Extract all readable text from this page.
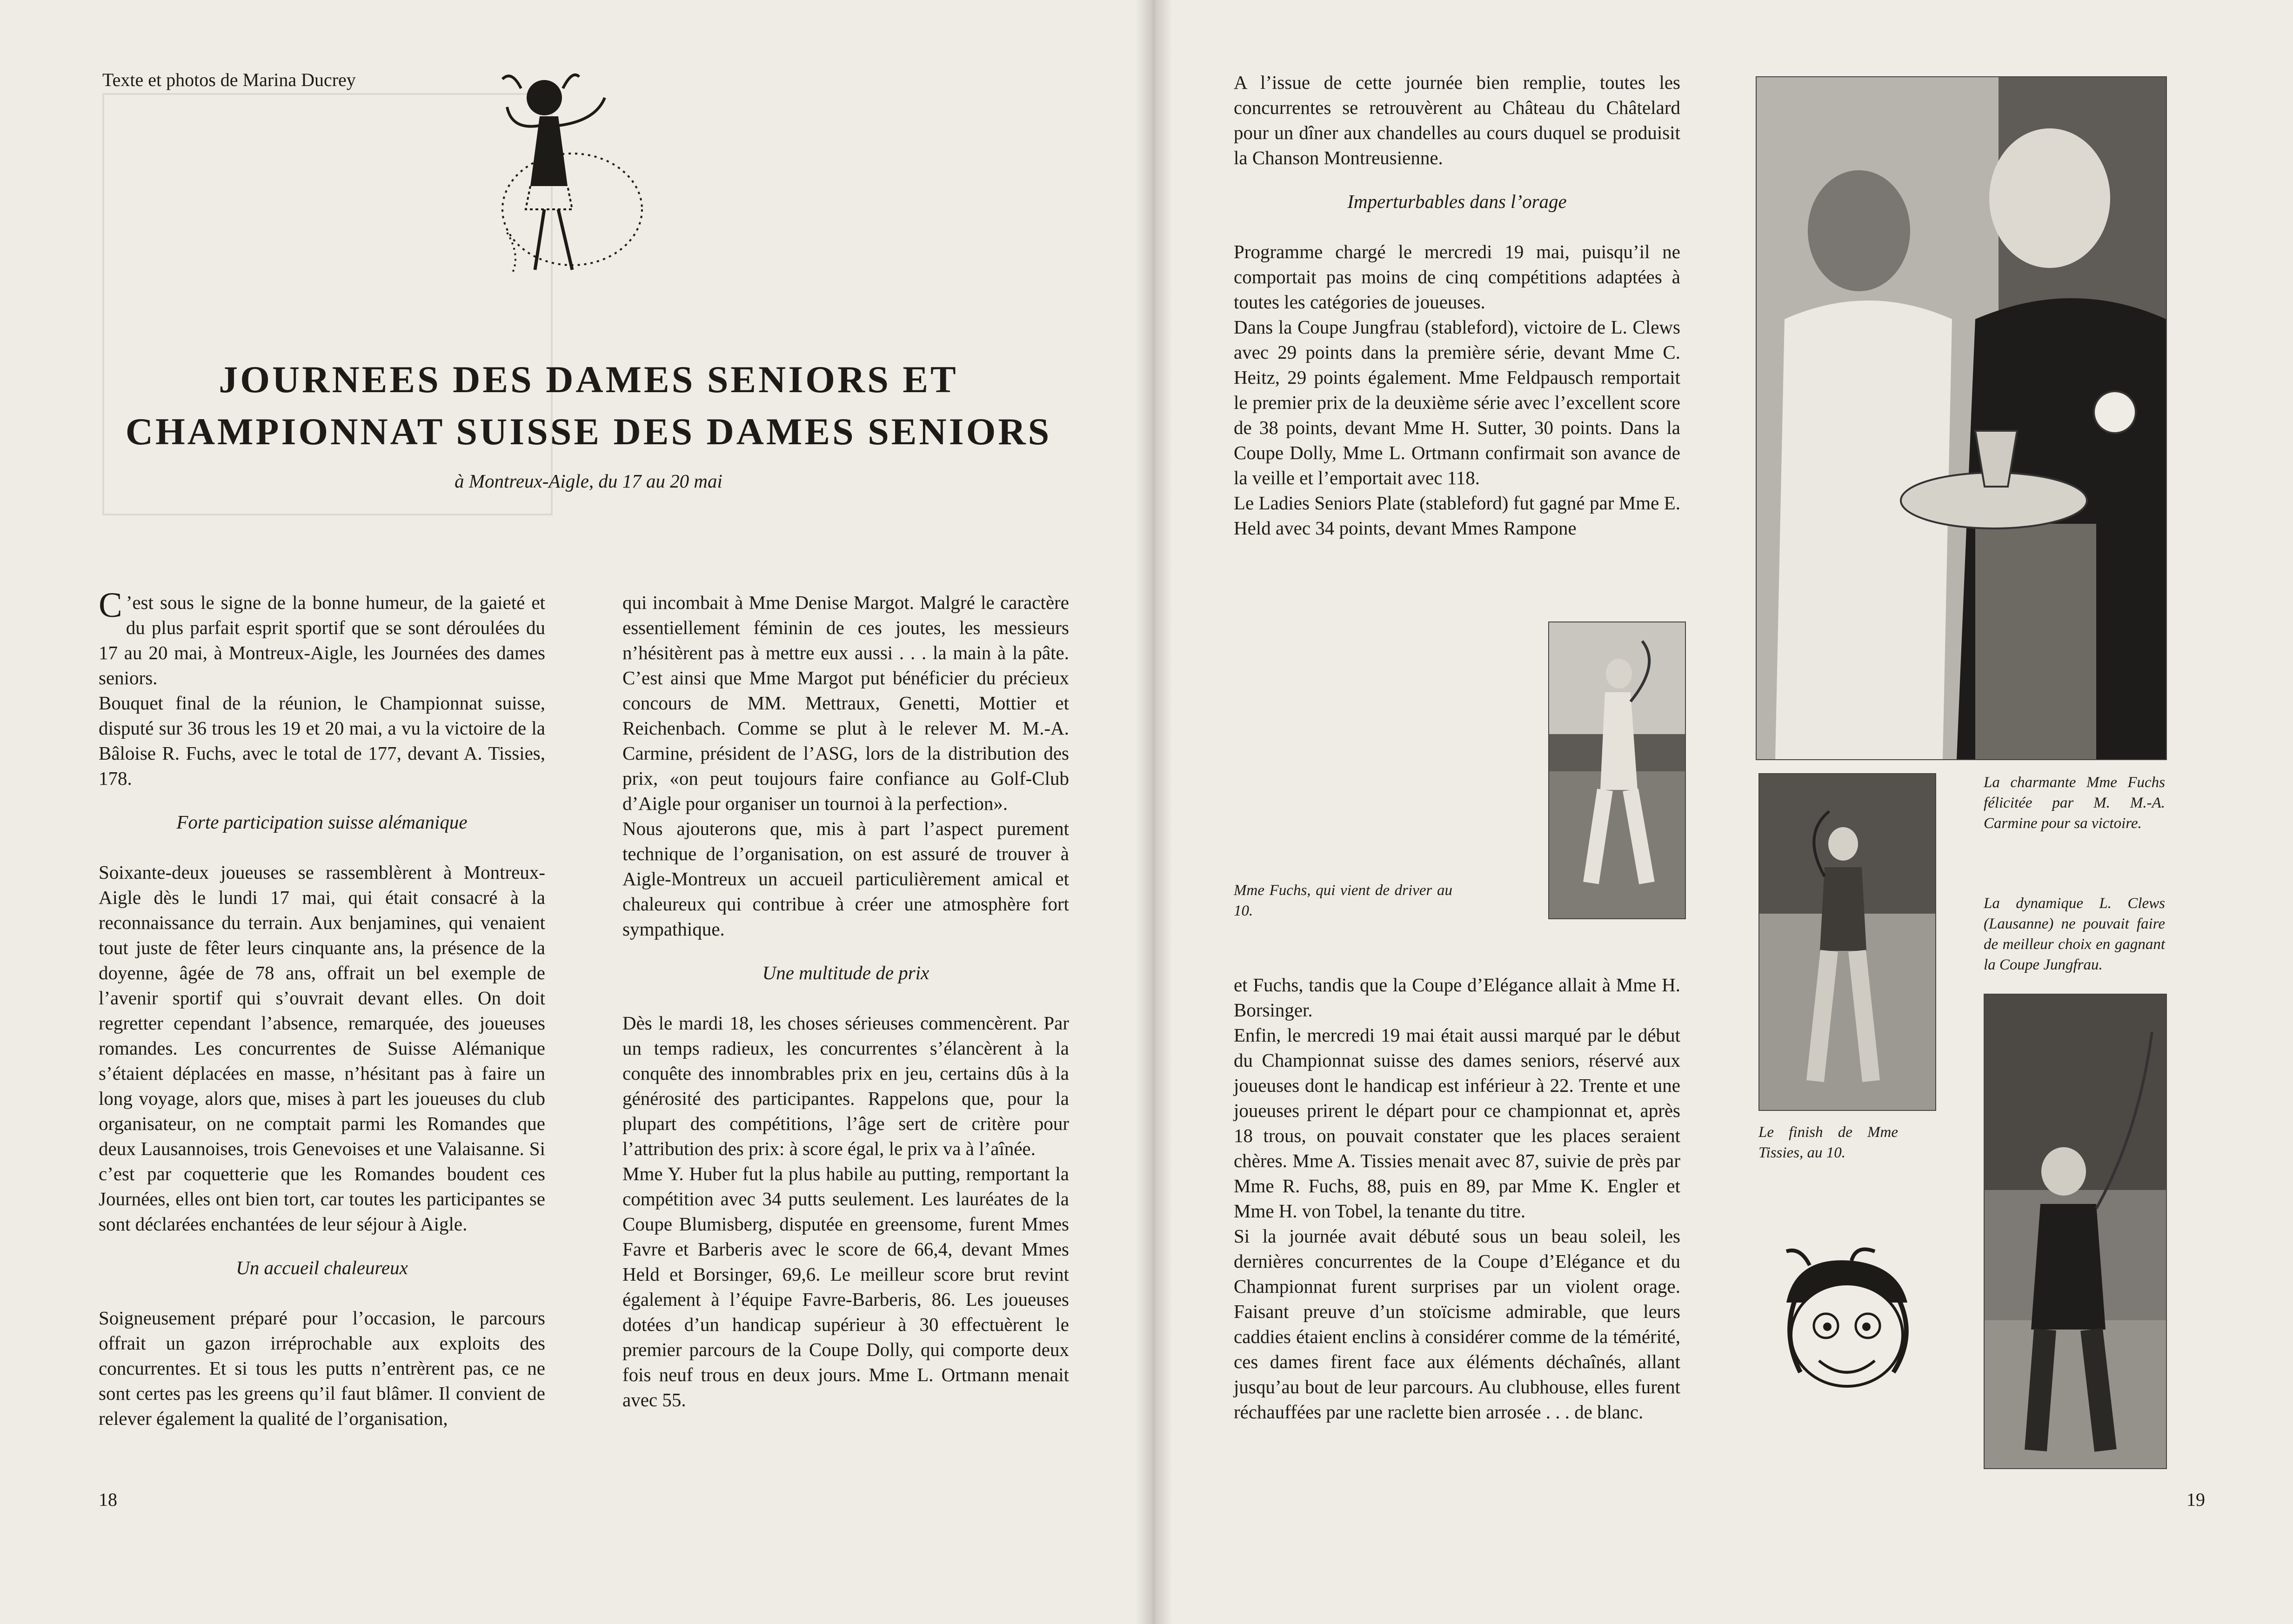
Texte et photos de Marina Ducrey
JOURNEES DES DAMES SENIORS ET
CHAMPIONNAT SUISSE DES DAMES SENIORS
à Montreux-Aigle, du 17 au 20 mai

C ’est sous le signe de la bonne humeur, de la gaieté et du plus parfait esprit sportif que se sont déroulées du 17 au 20 mai, à Montreux-Aigle, les Journées des dames seniors.

Bouquet final de la réunion, le Championnat suisse, disputé sur 36 trous les 19 et 20 mai, a vu la victoire de la Bâloise R. Fuchs, avec le total de 177, devant A. Tissies, 178.

Forte participation suisse alémanique

Soixante-deux joueuses se rassemblèrent à Montreux-Aigle dès le lundi 17 mai, qui était consacré à la reconnaissance du terrain. Aux benjamines, qui venaient tout juste de fêter leurs cinquante ans, la présence de la doyenne, âgée de 78 ans, offrait un bel exemple de l’avenir sportif qui s’ouvrait devant elles. On doit regretter cependant l’absence, remarquée, des joueuses romandes. Les concurrentes de Suisse Alémanique s’étaient déplacées en masse, n’hésitant pas à faire un long voyage, alors que, mises à part les joueuses du club organisateur, on ne comptait parmi les Romandes que deux Lausannoises, trois Genevoises et une Valaisanne. Si c’est par coquetterie que les Romandes boudent ces Journées, elles ont bien tort, car toutes les participantes se sont déclarées enchantées de leur séjour à Aigle.

Un accueil chaleureux

Soigneusement préparé pour l’occasion, le parcours offrait un gazon irréprochable aux exploits des concurrentes. Et si tous les putts n’entrèrent pas, ce ne sont certes pas les greens qu’il faut blâmer. Il convient de relever également la qualité de l’organisation,

qui incombait à Mme Denise Margot. Malgré le caractère essentiellement féminin de ces joutes, les messieurs n’hésitèrent pas à mettre eux aussi . . . la main à la pâte. C’est ainsi que Mme Margot put bénéficier du précieux concours de MM. Mettraux, Genetti, Mottier et Reichenbach. Comme se plut à le relever M. M.-A. Carmine, président de l’ASG, lors de la distribution des prix, «on peut toujours faire confiance au Golf-Club d’Aigle pour organiser un tournoi à la perfection».

Nous ajouterons que, mis à part l’aspect purement technique de l’organisation, on est assuré de trouver à Aigle-Montreux un accueil particulièrement amical et chaleureux qui contribue à créer une atmosphère fort sympathique.

Une multitude de prix

Dès le mardi 18, les choses sérieuses commencèrent. Par un temps radieux, les concurrentes s’élancèrent à la conquête des innombrables prix en jeu, certains dûs à la générosité des participantes. Rappelons que, pour la plupart des compétitions, l’âge sert de critère pour l’attribution des prix: à score égal, le prix va à l’aînée.

Mme Y. Huber fut la plus habile au putting, remportant la compétition avec 34 putts seulement. Les lauréates de la Coupe Blumisberg, disputée en greensome, furent Mmes Favre et Barberis avec le score de 66,4, devant Mmes Held et Borsinger, 69,6. Le meilleur score brut revint également à l’équipe Favre-Barberis, 86. Les joueuses dotées d’un handicap supérieur à 30 effectuèrent le premier parcours de la Coupe Dolly, qui comporte deux fois neuf trous en deux jours. Mme L. Ortmann menait avec 55.

18

A l’issue de cette journée bien remplie, toutes les concurrentes se retrouvèrent au Château du Châtelard pour un dîner aux chandelles au cours duquel se produisit la Chanson Montreusienne.

Imperturbables dans l’orage

Programme chargé le mercredi 19 mai, puisqu’il ne comportait pas moins de cinq compétitions adaptées à toutes les catégories de joueuses.

Dans la Coupe Jungfrau (stableford), victoire de L. Clews avec 29 points dans la première série, devant Mme C. Heitz, 29 points également. Mme Feldpausch remportait le premier prix de la deuxième série avec l’excellent score de 38 points, devant Mme H. Sutter, 30 points. Dans la Coupe Dolly, Mme L. Ortmann confirmait son avance de la veille et l’emportait avec 118.

Le Ladies Seniors Plate (stableford) fut gagné par Mme E. Held avec 34 points, devant Mmes Rampone

Mme Fuchs, qui vient de driver au 10.
La charmante Mme Fuchs félicitée par M. M.-A. Carmine pour sa victoire.
Le finish de Mme Tissies, au 10.
La dynamique L. Clews (Lausanne) ne pouvait faire de meilleur choix en gagnant la Coupe Jungfrau.

et Fuchs, tandis que la Coupe d’Elégance allait à Mme H. Borsinger.

Enfin, le mercredi 19 mai était aussi marqué par le début du Championnat suisse des dames seniors, réservé aux joueuses dont le handicap est inférieur à 22. Trente et une joueuses prirent le départ pour ce championnat et, après 18 trous, on pouvait constater que les places seraient chères. Mme A. Tissies menait avec 87, suivie de près par Mme R. Fuchs, 88, puis en 89, par Mme K. Engler et Mme H. von Tobel, la tenante du titre.

Si la journée avait débuté sous un beau soleil, les dernières concurrentes de la Coupe d’Elégance et du Championnat furent surprises par un violent orage. Faisant preuve d’un stoïcisme admirable, que leurs caddies étaient enclins à considérer comme de la témérité, ces dames firent face aux éléments déchaînés, allant jusqu’au bout de leur parcours. Au clubhouse, elles furent réchauffées par une raclette bien arrosée . . . de blanc.

19
